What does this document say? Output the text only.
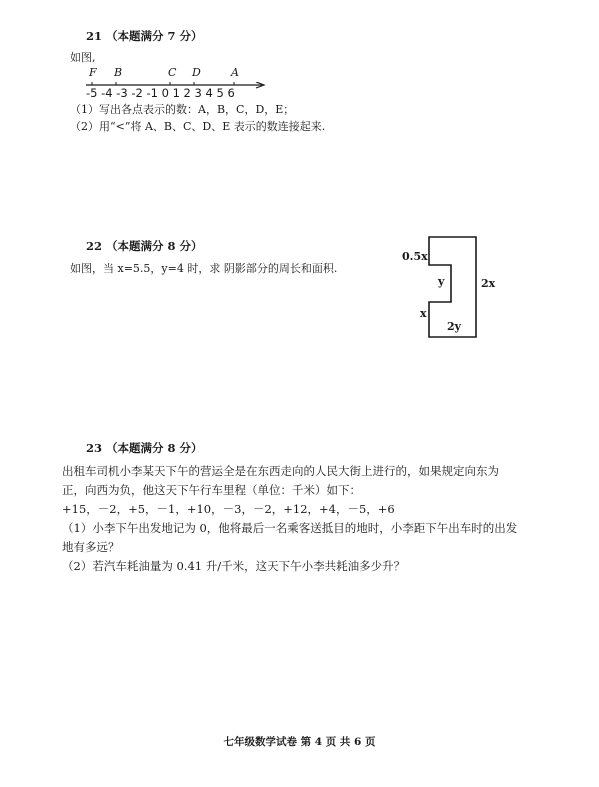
21 （本题满分 7 分）
如图,
F B	C D	A
-5 -4 -3 -2 -1 0 1 2 3 4 5 6
（1）写出各点表示的数：A，B，C，D，E；
（2）用“<”将 A、B、C、D、E 表示的数连接起来.
22 （本题满分 8 分）
如图，当 x=5.5，y=4 时，求 阴影部分的周长和面积.
0.5x
y	2x
x
2y
23 （本题满分 8 分）
出租车司机小李某天下午的营运全是在东西走向的人民大街上进行的，如果规定向东为
正，向西为负，他这天下午行车里程（单位：千米）如下：
+15，－2，+5，－1，+10，－3，－2，+12，+4，－5，+6
（1）小李下午出发地记为 0，他将最后一名乘客送抵目的地时，小李距下午出车时的出发
地有多远？
（2）若汽车耗油量为 0.41 升/千米，这天下午小李共耗油多少升？
七年级数学试卷 第 4 页 共 6 页
